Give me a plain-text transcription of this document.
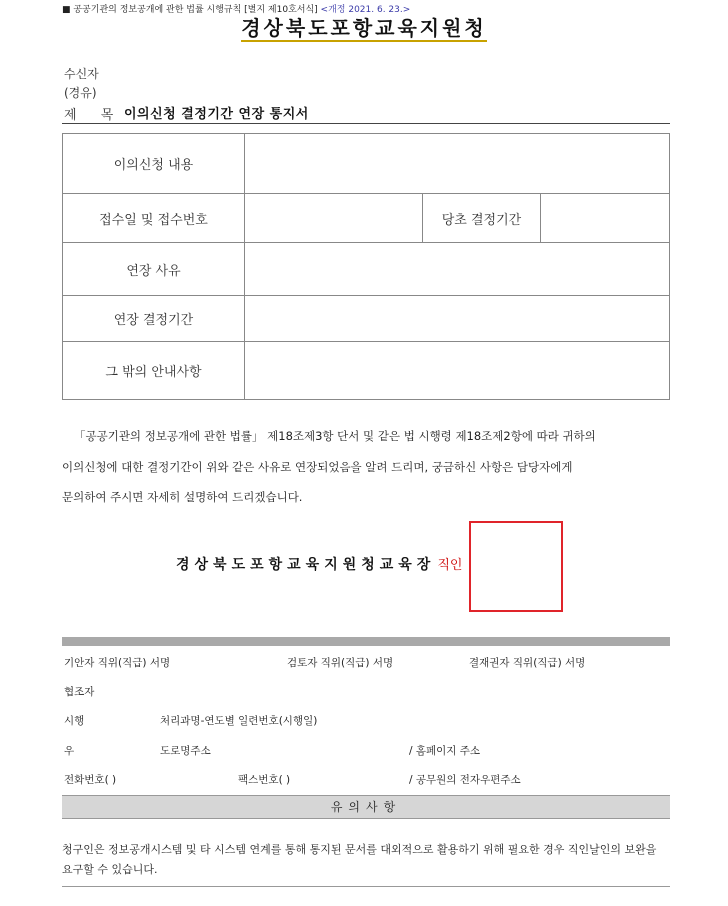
■ 공공기관의 정보공개에 관한 법률 시행규칙 [별지 제10호서식] <개정 2021. 6. 23.>
경상북도포항교육지원청
수신자
(경유)
제 목 이의신청 결정기간 연장 통지서
이의신청 내용			
접수일 및 접수번호		당초 결정기간	
연장 사유			
연장 결정기간			
그 밖의 안내사항			
「공공기관의 정보공개에 관한 법률」 제18조제3항 단서 및 같은 법 시행령 제18조제2항에 따라 귀하의
이의신청에 대한 결정기간이 위와 같은 사유로 연장되었음을 알려 드리며, 궁금하신 사항은 담당자에게
문의하여 주시면 자세히 설명하여 드리겠습니다.
경상북도포항교육지원청교육장 직인
기안자 직위(직급) 서명	검토자 직위(직급) 서명	결재권자 직위(직급) 서명
협조자
시행	처리과명-연도별 일련번호(시행일)
우	도로명주소	/ 홈페이지 주소
전화번호( )	팩스번호( )	/ 공무원의 전자우편주소
유의사항
청구인은 정보공개시스템 및 타 시스템 연계를 통해 통지된 문서를 대외적으로 활용하기 위해 필요한 경우 직인날인의 보완을 요구할 수 있습니다.
